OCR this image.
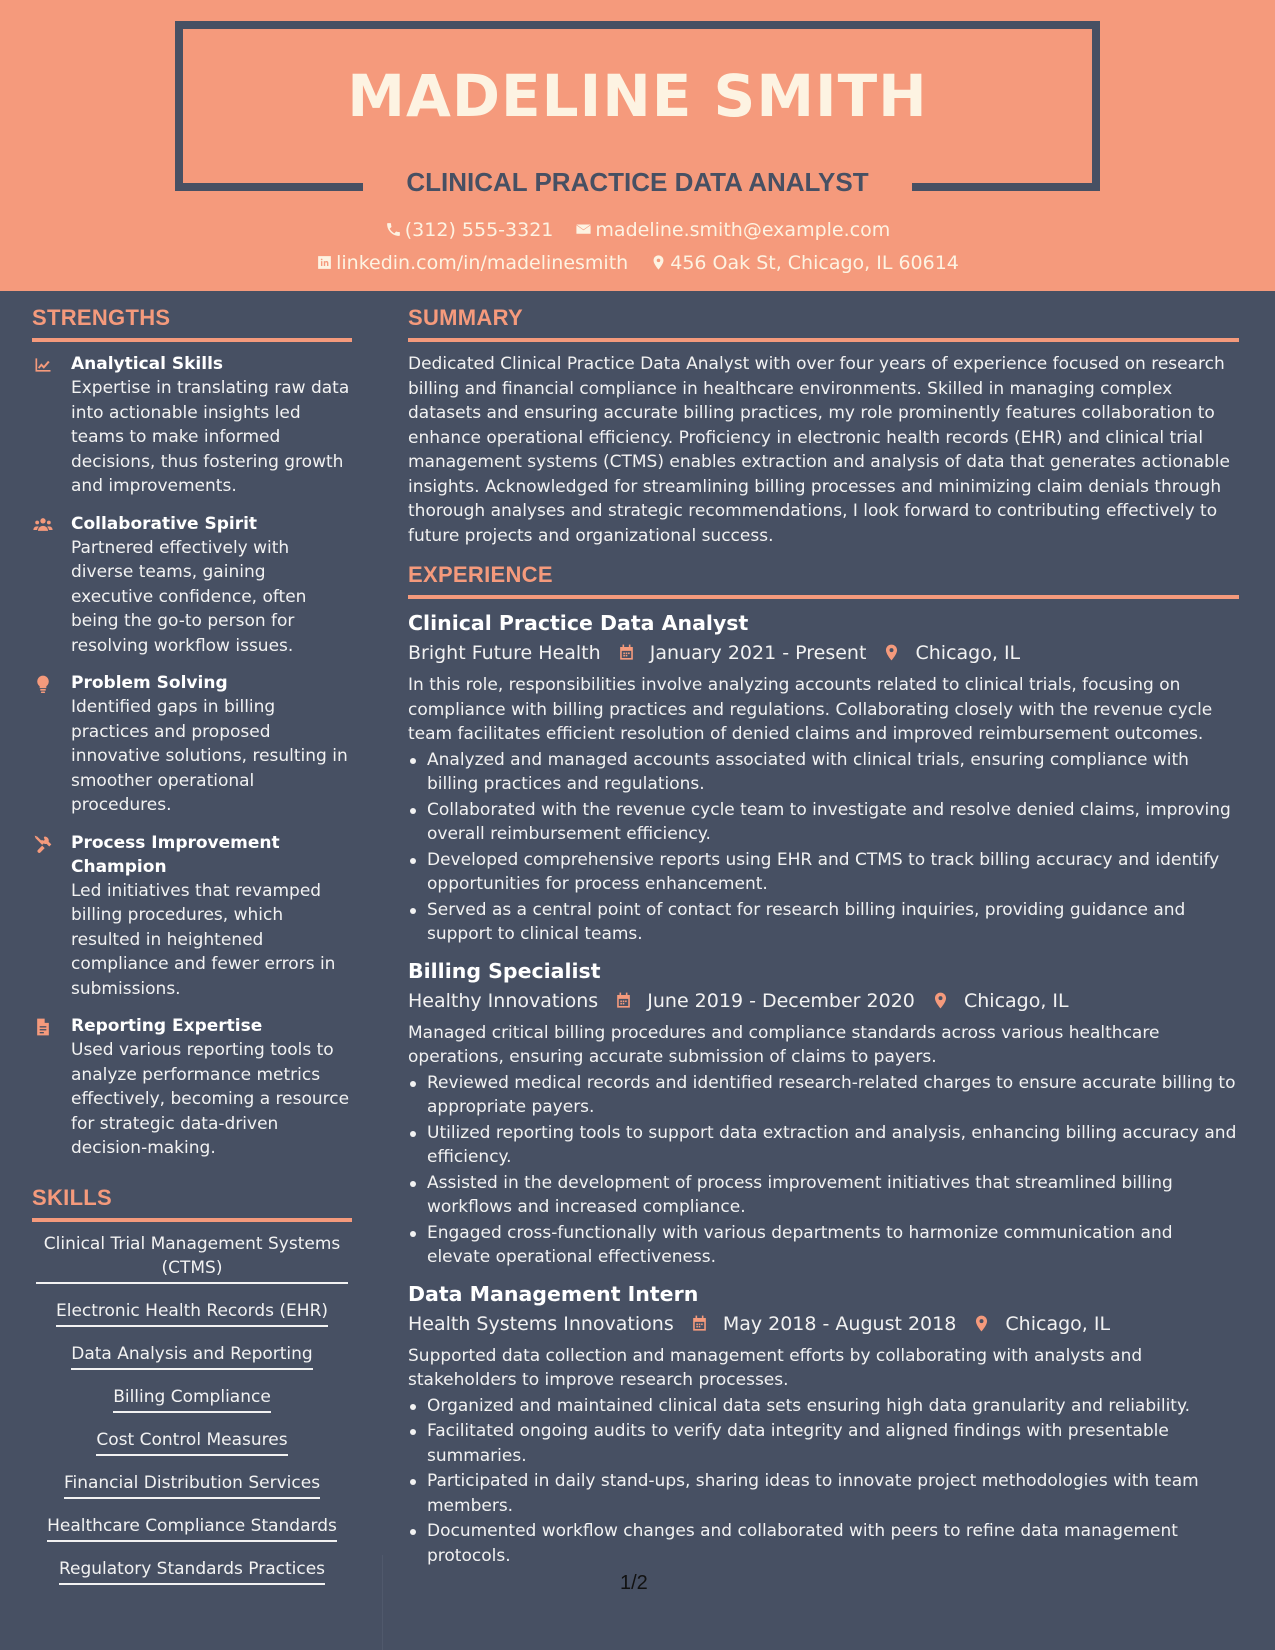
MADELINE SMITH
CLINICAL PRACTICE DATA ANALYST
(312) 555-3321 madeline.smith@example.com
linkedin.com/in/madelinesmith 456 Oak St, Chicago, IL 60614
STRENGTHS
Analytical Skills
Expertise in translating raw data into actionable insights led teams to make informed decisions, thus fostering growth and improvements.
Collaborative Spirit
Partnered effectively with diverse teams, gaining executive confidence, often being the go-to person for resolving workflow issues.
Problem Solving
Identified gaps in billing practices and proposed innovative solutions, resulting in smoother operational procedures.
Process Improvement Champion
Led initiatives that revamped billing procedures, which resulted in heightened compliance and fewer errors in submissions.
Reporting Expertise
Used various reporting tools to analyze performance metrics effectively, becoming a resource for strategic data-driven decision-making.
SKILLS
Clinical Trial Management Systems (CTMS)
Electronic Health Records (EHR)
Data Analysis and Reporting
Billing Compliance
Cost Control Measures
Financial Distribution Services
Healthcare Compliance Standards
Regulatory Standards Practices
SUMMARY
Dedicated Clinical Practice Data Analyst with over four years of experience focused on research billing and financial compliance in healthcare environments. Skilled in managing complex datasets and ensuring accurate billing practices, my role prominently features collaboration to enhance operational efficiency. Proficiency in electronic health records (EHR) and clinical trial management systems (CTMS) enables extraction and analysis of data that generates actionable insights. Acknowledged for streamlining billing processes and minimizing claim denials through thorough analyses and strategic recommendations, I look forward to contributing effectively to future projects and organizational success.
EXPERIENCE
Clinical Practice Data Analyst
Bright Future Health	January 2021 - Present	Chicago, IL
In this role, responsibilities involve analyzing accounts related to clinical trials, focusing on compliance with billing practices and regulations. Collaborating closely with the revenue cycle team facilitates efficient resolution of denied claims and improved reimbursement outcomes.
Analyzed and managed accounts associated with clinical trials, ensuring compliance with billing practices and regulations.
Collaborated with the revenue cycle team to investigate and resolve denied claims, improving overall reimbursement efficiency.
Developed comprehensive reports using EHR and CTMS to track billing accuracy and identify opportunities for process enhancement.
Served as a central point of contact for research billing inquiries, providing guidance and support to clinical teams.
Billing Specialist
Healthy Innovations	June 2019 - December 2020	Chicago, IL
Managed critical billing procedures and compliance standards across various healthcare operations, ensuring accurate submission of claims to payers.
Reviewed medical records and identified research-related charges to ensure accurate billing to appropriate payers.
Utilized reporting tools to support data extraction and analysis, enhancing billing accuracy and efficiency.
Assisted in the development of process improvement initiatives that streamlined billing workflows and increased compliance.
Engaged cross-functionally with various departments to harmonize communication and elevate operational effectiveness.
Data Management Intern
Health Systems Innovations	May 2018 - August 2018	Chicago, IL
Supported data collection and management efforts by collaborating with analysts and stakeholders to improve research processes.
Organized and maintained clinical data sets ensuring high data granularity and reliability.
Facilitated ongoing audits to verify data integrity and aligned findings with presentable summaries.
Participated in daily stand-ups, sharing ideas to innovate project methodologies with team members.
Documented workflow changes and collaborated with peers to refine data management protocols.
1/2
